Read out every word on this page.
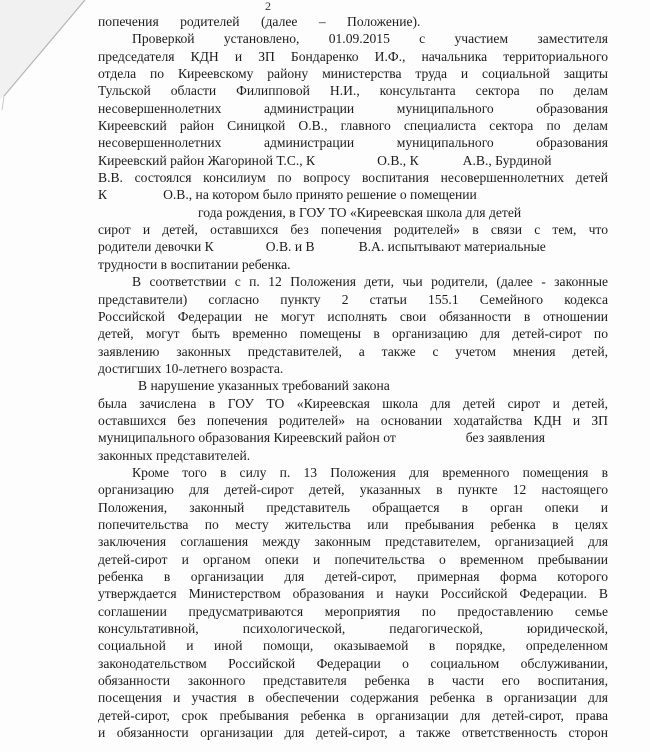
2
попечения родителей (далее – Положение).
Проверкой установлено, 01.09.2015 с участием заместителя
председателя КДН и ЗП Бондаренко И.Ф., начальника территориального
отдела по Киреевскому району министерства труда и социальной защиты
Тульской области Филипповой Н.И., консультанта сектора по делам
несовершеннолетних администрации муниципального образования
Киреевский район Синицкой О.В., главного специалиста сектора по делам
несовершеннолетних администрации муниципального образования
Киреевский район Жагориной Т.С., К	О.В., К	А.В., Бурдиной
В.В. состоялся консилиум по вопросу воспитания несовершеннолетних детей
К	О.В., на котором было принято решение о помещении
года рождения, в ГОУ ТО «Киреевская школа для детей
сирот и детей, оставшихся без попечения родителей» в связи с тем, что
родители девочки К	О.В. и В	В.А. испытывают материальные
трудности в воспитании ребенка.
В соответствии с п. 12 Положения дети, чьи родители, (далее - законные
представители) согласно пункту 2 статьи 155.1 Семейного кодекса
Российской Федерации не могут исполнять свои обязанности в отношении
детей, могут быть временно помещены в организацию для детей-сирот по
заявлению законных представителей, а также с учетом мнения детей,
достигших 10-летнего возраста.
В нарушение указанных требований закона
была зачислена в ГОУ ТО «Киреевская школа для детей сирот и детей,
оставшихся без попечения родителей» на основании ходатайства КДН и ЗП
муниципального образования Киреевский район от	без заявления
законных представителей.
Кроме того в силу п. 13 Положения для временного помещения в
организацию для детей-сирот детей, указанных в пункте 12 настоящего
Положения, законный представитель обращается в орган опеки и
попечительства по месту жительства или пребывания ребенка в целях
заключения соглашения между законным представителем, организацией для
детей-сирот и органом опеки и попечительства о временном пребывании
ребенка в организации для детей-сирот, примерная форма которого
утверждается Министерством образования и науки Российской Федерации. В
соглашении предусматриваются мероприятия по предоставлению семье
консультативной, психологической, педагогической, юридической,
социальной и иной помощи, оказываемой в порядке, определенном
законодательством Российской Федерации о социальном обслуживании,
обязанности законного представителя ребенка в части его воспитания,
посещения и участия в обеспечении содержания ребенка в организации для
детей-сирот, срок пребывания ребенка в организации для детей-сирот, права
и обязанности организации для детей-сирот, а также ответственность сторон
